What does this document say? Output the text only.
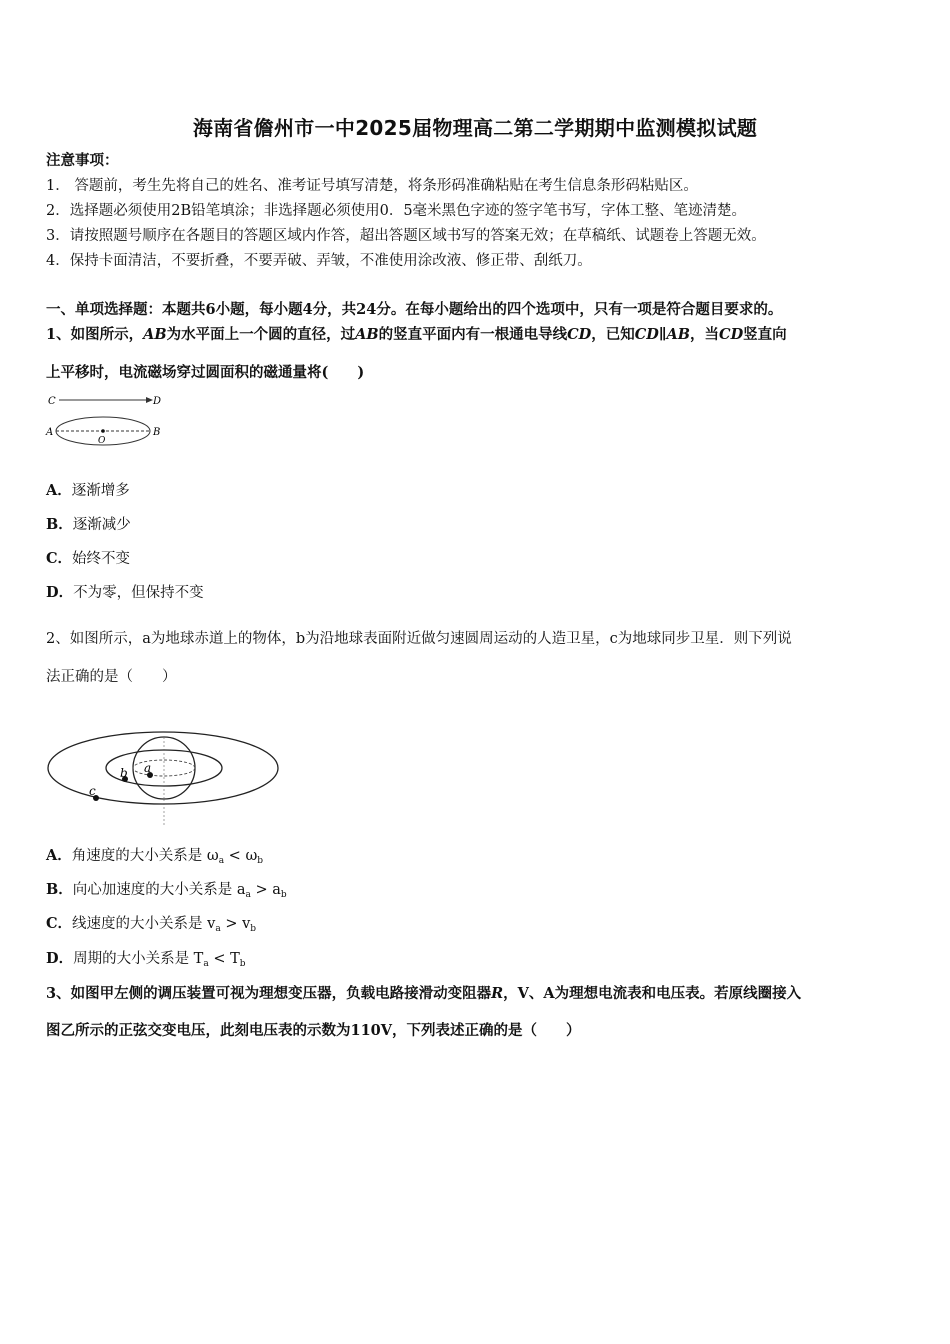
海南省儋州市一中2025届物理高二第二学期期中监测模拟试题
注意事项：
1． 答题前，考生先将自己的姓名、准考证号填写清楚，将条形码准确粘贴在考生信息条形码粘贴区。
2．选择题必须使用2B铅笔填涂；非选择题必须使用0．5毫米黑色字迹的签字笔书写，字体工整、笔迹清楚。
3．请按照题号顺序在各题目的答题区域内作答，超出答题区域书写的答案无效；在草稿纸、试题卷上答题无效。
4．保持卡面清洁，不要折叠，不要弄破、弄皱，不准使用涂改液、修正带、刮纸刀。
一、单项选择题：本题共6小题，每小题4分，共24分。在每小题给出的四个选项中，只有一项是符合题目要求的。
1、如图所示，AB为水平面上一个圆的直径，过AB的竖直平面内有一根通电导线CD，已知CD∥AB，当CD竖直向
上平移时，电流磁场穿过圆面积的磁通量将(　　)
C	D
A	B
O
A．逐渐增多
B．逐渐减少
C．始终不变
D．不为零，但保持不变
2、如图所示，a为地球赤道上的物体，b为沿地球表面附近做匀速圆周运动的人造卫星，c为地球同步卫星．则下列说
法正确的是（　　）
a
b
c
A．角速度的大小关系是 $\omega_a < \omega_b$
B．向心加速度的大小关系是 $a_a > a_b$
C．线速度的大小关系是 $v_a > v_b$
D．周期的大小关系是 $T_a < T_b$
3、如图甲左侧的调压装置可视为理想变压器，负载电路接滑动变阻器R，V、A为理想电流表和电压表。若原线圈接入
图乙所示的正弦交变电压，此刻电压表的示数为110V，下列表述正确的是（　　）
